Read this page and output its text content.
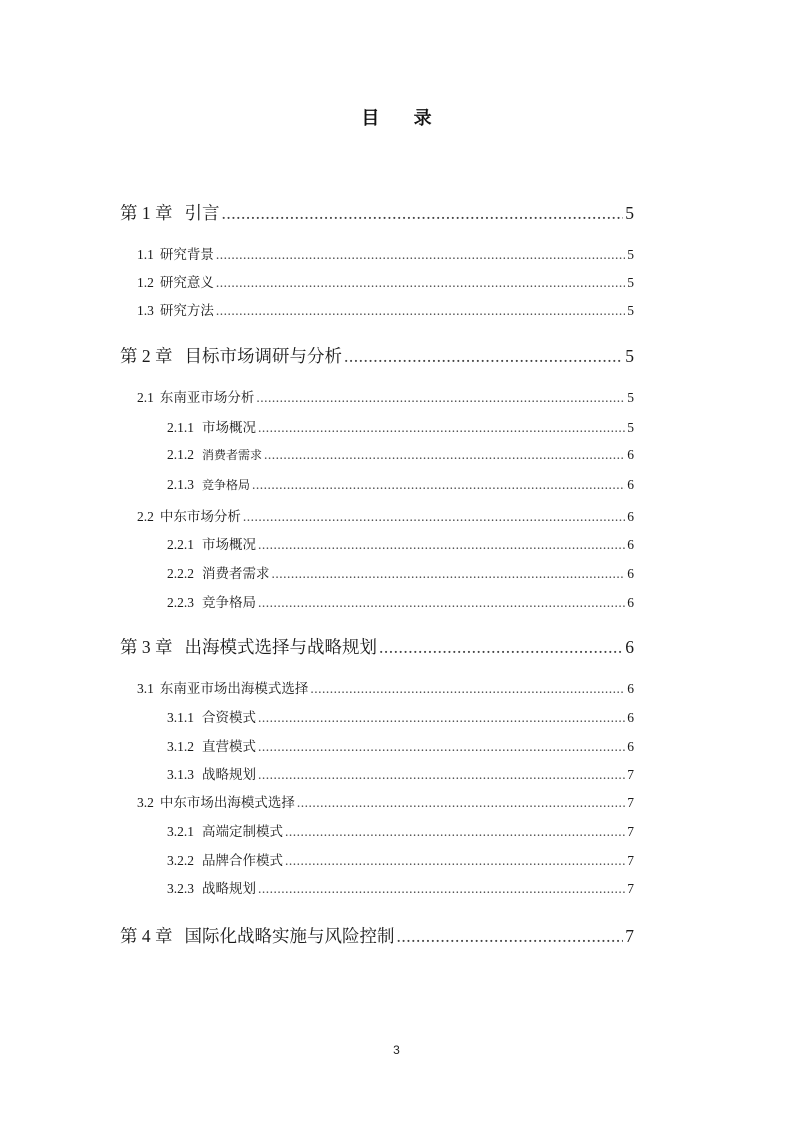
目 录
第 1 章 引言 .....	5
1.1 研究背景 .....	5
1.2 研究意义 .....	5
1.3 研究方法 .....	5
第 2 章 目标市场调研与分析 .....	5
2.1 东南亚市场分析 .....	5
2.1.1 市场概况 .....	5
2.1.2 消费者需求 .....	6
2.1.3 竞争格局 .....	6
2.2 中东市场分析 .....	6
2.2.1 市场概况 .....	6
2.2.2 消费者需求 .....	6
2.2.3 竞争格局 .....	6
第 3 章 出海模式选择与战略规划 .....	6
3.1 东南亚市场出海模式选择 .....	6
3.1.1 合资模式 .....	6
3.1.2 直营模式 .....	6
3.1.3 战略规划 .....	7
3.2 中东市场出海模式选择 .....	7
3.2.1 高端定制模式 .....	7
3.2.2 品牌合作模式 .....	7
3.2.3 战略规划 .....	7
第 4 章 国际化战略实施与风险控制 .....	7
3
